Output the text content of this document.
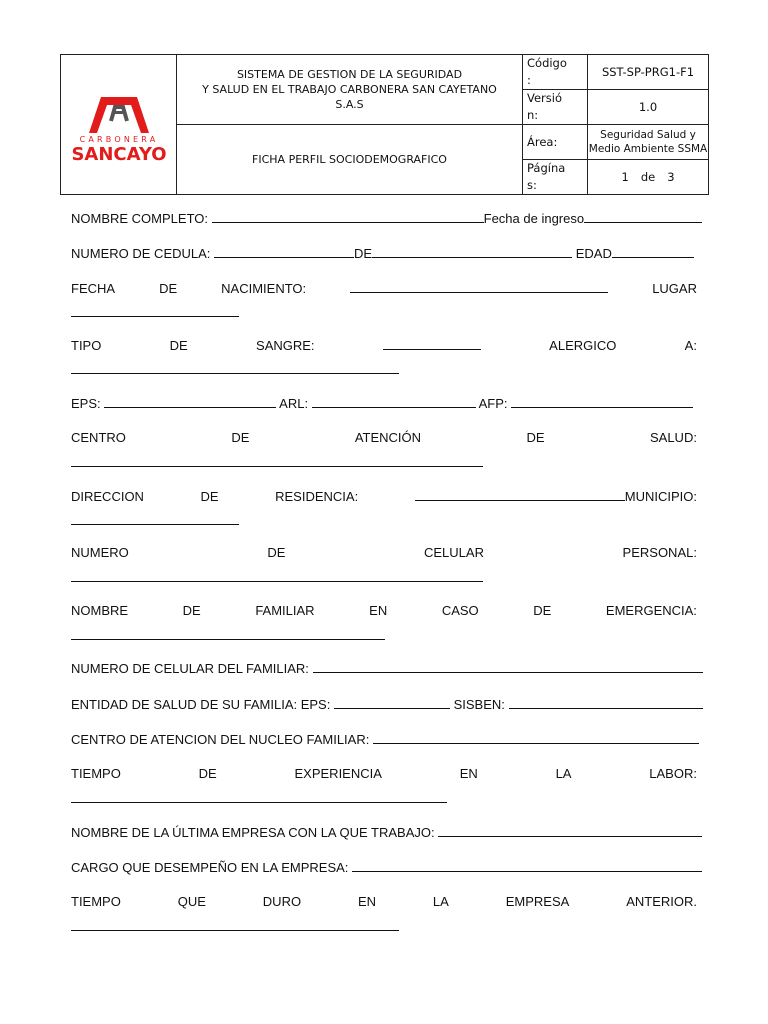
CARBONERA
SANCAYO	SISTEMA DE GESTION DE LA SEGURIDAD
Y SALUD EN EL TRABAJO CARBONERA SAN CAYETANO
S.A.S	Código
:	SST-SP-PRG1-F1
		Versió
n:	1.0
	FICHA PERFIL SOCIODEMOGRAFICO	Área:	Seguridad Salud y
Medio Ambiente SSMA
		Págína
s:	1 de 3
NOMBRE COMPLETO:	Fecha de ingreso
NUMERO DE CEDULA:	DE	EDAD
FECHA	DE	NACIMIENTO:	LUGAR
TIPO	DE	SANGRE:	ALERGICO	A:
EPS:	ARL:	AFP:
CENTRO	DE	ATENCIÓN	DE	SALUD:
DIRECCION	DE	RESIDENCIA:	MUNICIPIO:
NUMERO	DE	CELULAR	PERSONAL:
NOMBRE	DE	FAMILIAR	EN	CASO	DE	EMERGENCIA:
NUMERO DE CELULAR DEL FAMILIAR:
ENTIDAD DE SALUD DE SU FAMILIA: EPS:	SISBEN:
CENTRO DE ATENCION DEL NUCLEO FAMILIAR:
TIEMPO	DE	EXPERIENCIA	EN	LA	LABOR:
NOMBRE DE LA ÚLTIMA EMPRESA CON LA QUE TRABAJO:
CARGO QUE DESEMPEÑO EN LA EMPRESA:
TIEMPO	QUE	DURO	EN	LA	EMPRESA	ANTERIOR.
